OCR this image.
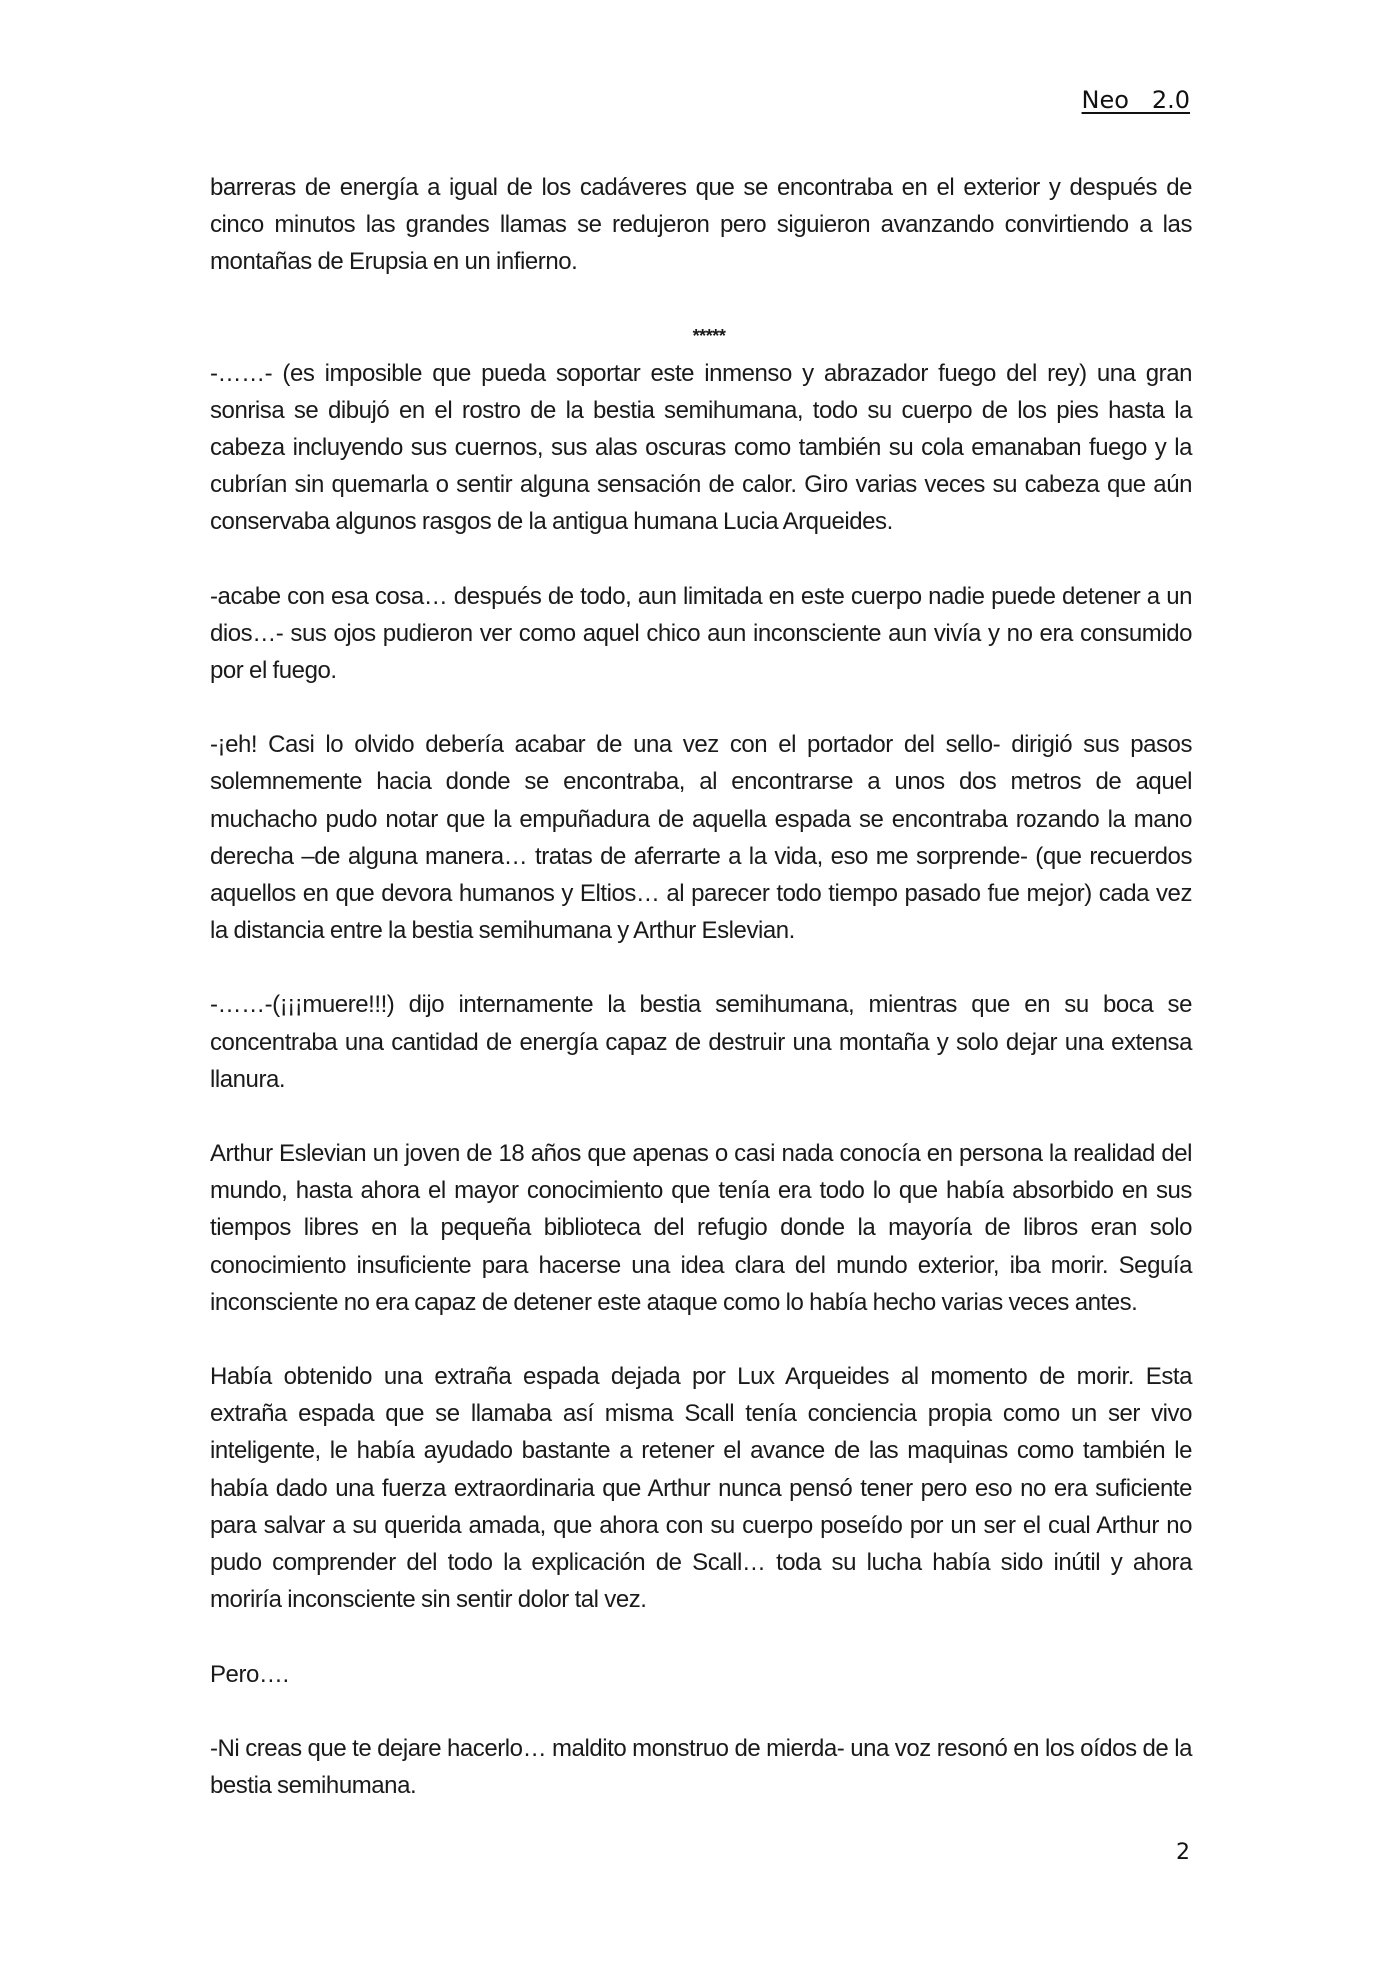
Neo   2.0

barreras de energía a igual de los cadáveres que se encontraba en el exterior y después de cinco minutos las grandes llamas se redujeron pero siguieron avanzando convirtiendo a las montañas de Erupsia en un infierno.

*****

-……- (es imposible que pueda soportar este inmenso y abrazador fuego del rey) una gran sonrisa se dibujó en el rostro de la bestia semihumana, todo su cuerpo de los pies hasta la cabeza incluyendo sus cuernos, sus alas oscuras como también su cola emanaban fuego y la cubrían sin quemarla o sentir alguna sensación de calor. Giro varias veces su cabeza que aún conservaba algunos rasgos de la antigua humana Lucia Arqueides.

-acabe con esa cosa… después de todo, aun limitada en este cuerpo nadie puede detener a un dios…- sus ojos pudieron ver como aquel chico aun inconsciente aun vivía y no era consumido por el fuego.

-¡eh! Casi lo olvido debería acabar de una vez con el portador del sello- dirigió sus pasos solemnemente hacia donde se encontraba, al encontrarse a unos dos metros de aquel muchacho pudo notar que la empuñadura de aquella espada se encontraba rozando la mano derecha –de alguna manera… tratas de aferrarte a la vida, eso me sorprende- (que recuerdos aquellos en que devora humanos y Eltios… al parecer todo tiempo pasado fue mejor) cada vez la distancia entre la bestia semihumana y Arthur Eslevian.

-……-(¡¡¡muere!!!) dijo internamente la bestia semihumana, mientras que en su boca se concentraba una cantidad de energía capaz de destruir una montaña y solo dejar una extensa llanura.

Arthur Eslevian un joven de 18 años que apenas o casi nada conocía en persona la realidad del mundo, hasta ahora el mayor conocimiento que tenía era todo lo que había absorbido en sus tiempos libres en la pequeña biblioteca del refugio donde la mayoría de libros eran solo conocimiento insuficiente para hacerse una idea clara del mundo exterior, iba morir. Seguía inconsciente no era capaz de detener este ataque como lo había hecho varias veces antes.

Había obtenido una extraña espada dejada por Lux Arqueides al momento de morir. Esta extraña espada que se llamaba así misma Scall tenía conciencia propia como un ser vivo inteligente, le había ayudado bastante a retener el avance de las maquinas como también le había dado una fuerza extraordinaria que Arthur nunca pensó tener pero eso no era suficiente para salvar a su querida amada, que ahora con su cuerpo poseído por un ser el cual Arthur no pudo comprender del todo la explicación de Scall… toda su lucha había sido inútil y ahora moriría inconsciente sin sentir dolor tal vez.

Pero….

-Ni creas que te dejare hacerlo… maldito monstruo de mierda- una voz resonó en los oídos de la bestia semihumana.

2
